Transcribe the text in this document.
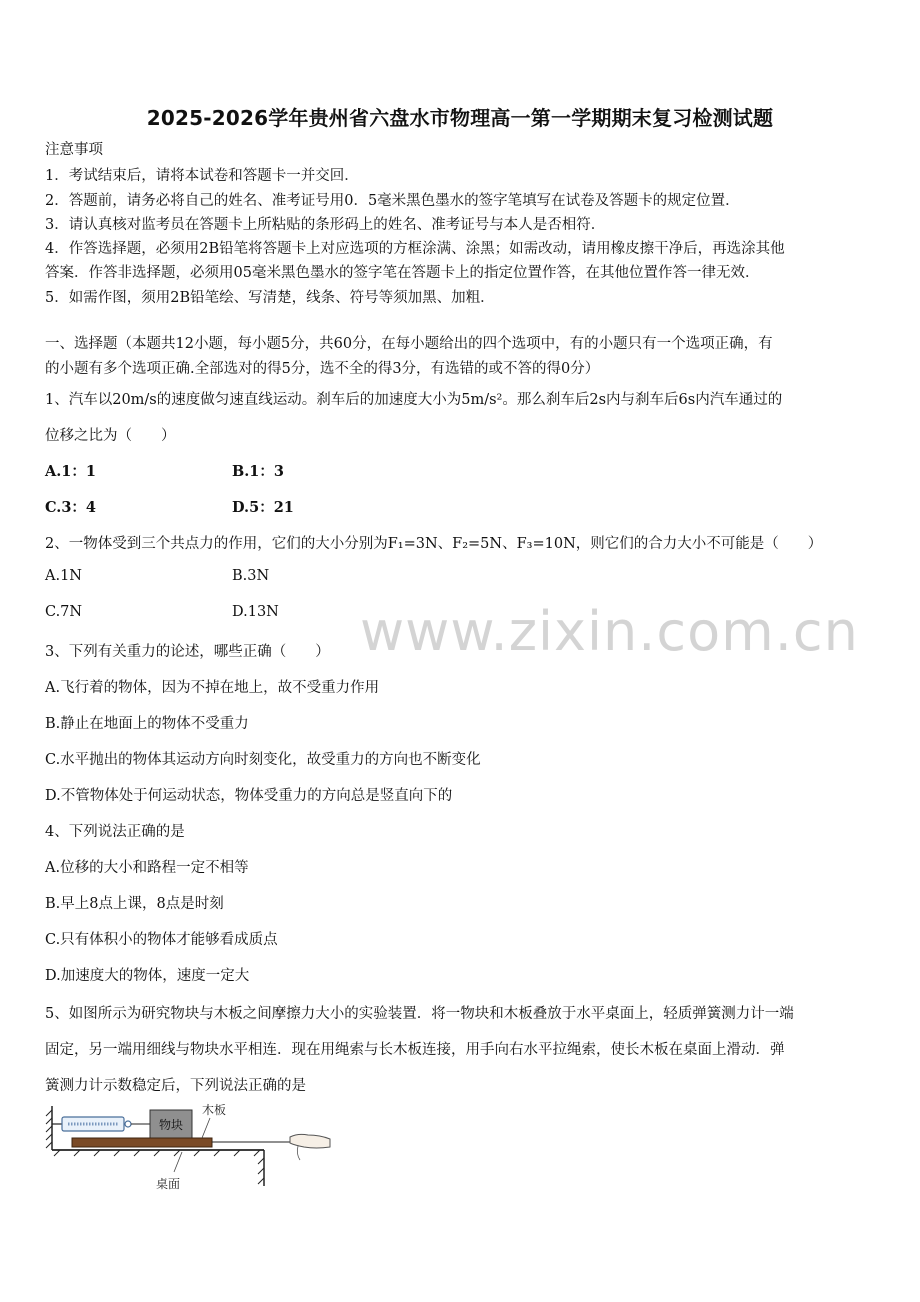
2025-2026学年贵州省六盘水市物理高一第一学期期末复习检测试题
注意事项
1．考试结束后，请将本试卷和答题卡一并交回．
2．答题前，请务必将自己的姓名、准考证号用0．5毫米黑色墨水的签字笔填写在试卷及答题卡的规定位置．
3．请认真核对监考员在答题卡上所粘贴的条形码上的姓名、准考证号与本人是否相符．
4．作答选择题，必须用2B铅笔将答题卡上对应选项的方框涂满、涂黑；如需改动，请用橡皮擦干净后，再选涂其他
答案．作答非选择题，必须用05毫米黑色墨水的签字笔在答题卡上的指定位置作答，在其他位置作答一律无效．
5．如需作图，须用2B铅笔绘、写清楚，线条、符号等须加黑、加粗．
一、选择题（本题共12小题，每小题5分，共60分，在每小题给出的四个选项中，有的小题只有一个选项正确，有
的小题有多个选项正确.全部选对的得5分，选不全的得3分，有选错的或不答的得0分）
1、汽车以20m/s的速度做匀速直线运动。刹车后的加速度大小为5m/s²。那么刹车后2s内与刹车后6s内汽车通过的
位移之比为（　　）
A.1：1	B.1：3
C.3：4	D.5：21
2、一物体受到三个共点力的作用，它们的大小分别为F₁=3N、F₂=5N、F₃=10N，则它们的合力大小不可能是（　　）
A.1N	B.3N
C.7N	D.13N www.zixin.com.cn
3、下列有关重力的论述，哪些正确（　　）
A.飞行着的物体，因为不掉在地上，故不受重力作用
B.静止在地面上的物体不受重力
C.水平抛出的物体其运动方向时刻变化，故受重力的方向也不断变化
D.不管物体处于何运动状态，物体受重力的方向总是竖直向下的
4、下列说法正确的是
A.位移的大小和路程一定不相等
B.早上8点上课，8点是时刻
C.只有体积小的物体才能够看成质点
D.加速度大的物体，速度一定大
5、如图所示为研究物块与木板之间摩擦力大小的实验装置．将一物块和木板叠放于水平桌面上，轻质弹簧测力计一端
固定，另一端用细线与物块水平相连．现在用绳索与长木板连接，用手向右水平拉绳索，使长木板在桌面上滑动．弹
簧测力计示数稳定后，下列说法正确的是
物块
木板
桌面
